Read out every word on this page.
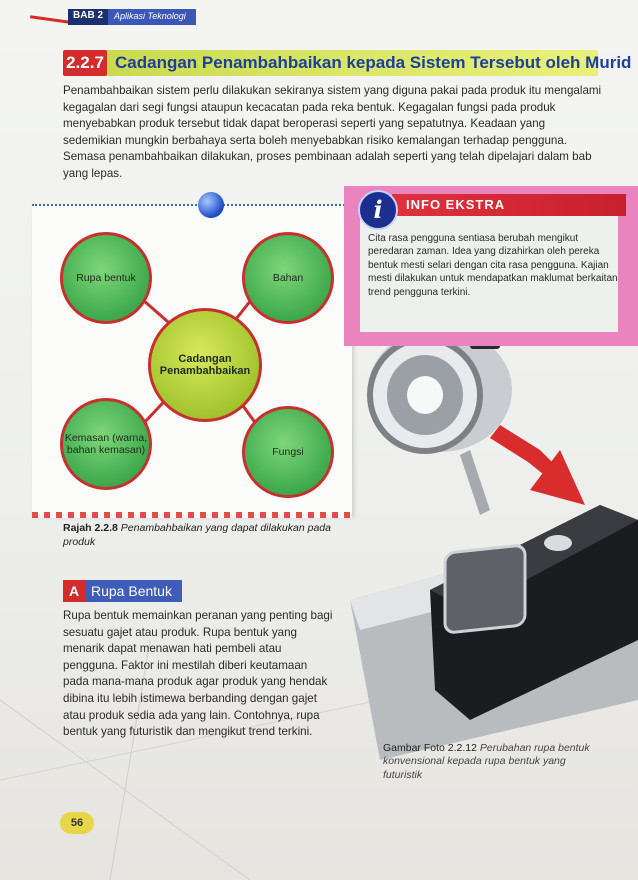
BAB 2	Aplikasi Teknologi
2.2.7 Cadangan Penambahbaikan kepada Sistem Tersebut oleh Murid

Penambahbaikan sistem perlu dilakukan sekiranya sistem yang diguna pakai pada produk itu mengalami kegagalan dari segi fungsi ataupun kecacatan pada reka bentuk. Kegagalan fungsi pada produk menyebabkan produk tersebut tidak dapat beroperasi seperti yang sepatutnya. Keadaan yang sedemikian mungkin berbahaya serta boleh menyebabkan risiko kemalangan terhadap pengguna. Semasa penambahbaikan dilakukan, proses pembinaan adalah seperti yang telah dipelajari dalam bab yang lepas.

Rupa bentuk	Bahan
Cadangan Penambahbaikan
Kemasan (warna, bahan kemasan)	Fungsi
Rajah 2.2.8 Penambahbaikan yang dapat dilakukan pada produk
INFO EKSTRA
i

Cita rasa pengguna sentiasa berubah mengikut peredaran zaman. Idea yang dizahirkan oleh pereka bentuk mesti selari dengan cita rasa pengguna. Kajian mesti dilakukan untuk mendapatkan maklumat berkaitan trend pengguna terkini.

A Rupa Bentuk

Rupa bentuk memainkan peranan yang penting bagi sesuatu gajet atau produk. Rupa bentuk yang menarik dapat menawan hati pembeli atau pengguna. Faktor ini mestilah diberi keutamaan pada mana-mana produk agar produk yang hendak dibina itu lebih istimewa berbanding dengan gajet atau produk sedia ada yang lain. Contohnya, rupa bentuk yang futuristik dan mengikut trend terkini.

Gambar Foto 2.2.12 Perubahan rupa bentuk konvensional kepada rupa bentuk yang futuristik
56
